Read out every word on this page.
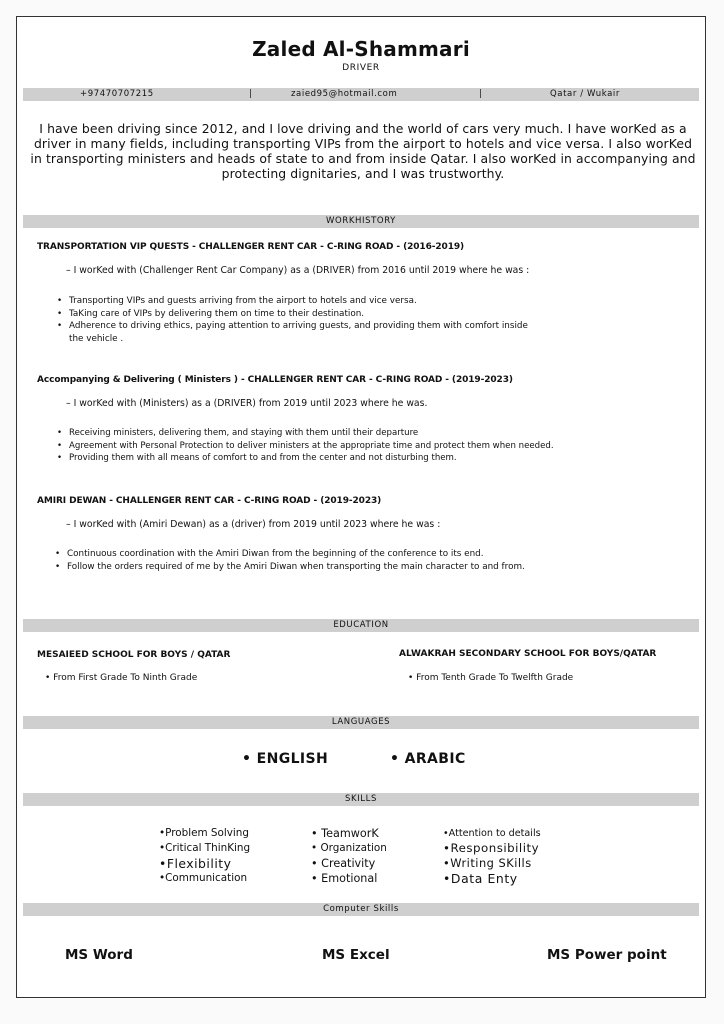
Zaled Al-Shammari
DRIVER
+97470707215	|	zaied95@hotmail.com	|	Qatar / Wukair
I have been driving since 2012, and I love driving and the world of cars very much. I have worKed as a driver in many fields, including transporting VIPs from the airport to hotels and vice versa. I also worKed in transporting ministers and heads of state to and from inside Qatar. I also worKed in accompanying and protecting dignitaries, and I was trustworthy.
WORKHISTORY
TRANSPORTATION VIP QUESTS - CHALLENGER RENT CAR - C-RING ROAD - (2016-2019)
– I worKed with (Challenger Rent Car Company) as a (DRIVER) from 2016 until 2019 where he was :
• Transporting VIPs and guests arriving from the airport to hotels and vice versa.
• TaKing care of VIPs by delivering them on time to their destination.
• Adherence to driving ethics, paying attention to arriving guests, and providing them with comfort inside the vehicle .
Accompanying & Delivering ( Ministers ) - CHALLENGER RENT CAR - C-RING ROAD - (2019-2023)
– I worKed with (Ministers) as a (DRIVER) from 2019 until 2023 where he was.
• Receiving ministers, delivering them, and staying with them until their departure
• Agreement with Personal Protection to deliver ministers at the appropriate time and protect them when needed.
• Providing them with all means of comfort to and from the center and not disturbing them.
AMIRI DEWAN - CHALLENGER RENT CAR - C-RING ROAD - (2019-2023)
– I worKed with (Amiri Dewan) as a (driver) from 2019 until 2023 where he was :
• Continuous coordination with the Amiri Diwan from the beginning of the conference to its end.
• Follow the orders required of me by the Amiri Diwan when transporting the main character to and from.
EDUCATION
MESAIEED SCHOOL FOR BOYS / QATAR
• From First Grade To Ninth Grade
ALWAKRAH SECONDARY SCHOOL FOR BOYS/QATAR
• From Tenth Grade To Twelfth Grade
LANGUAGES
• ENGLISH	• ARABIC
SKILLS
•Problem Solving
•Critical ThinKing
•Flexibility
•Communication
• TeamworK
• Organization
• Creativity
• Emotional
•Attention to details
•Responsibility
•Writing SKills
•Data Enty
Computer Skills
MS Word	MS Excel	MS Power point
